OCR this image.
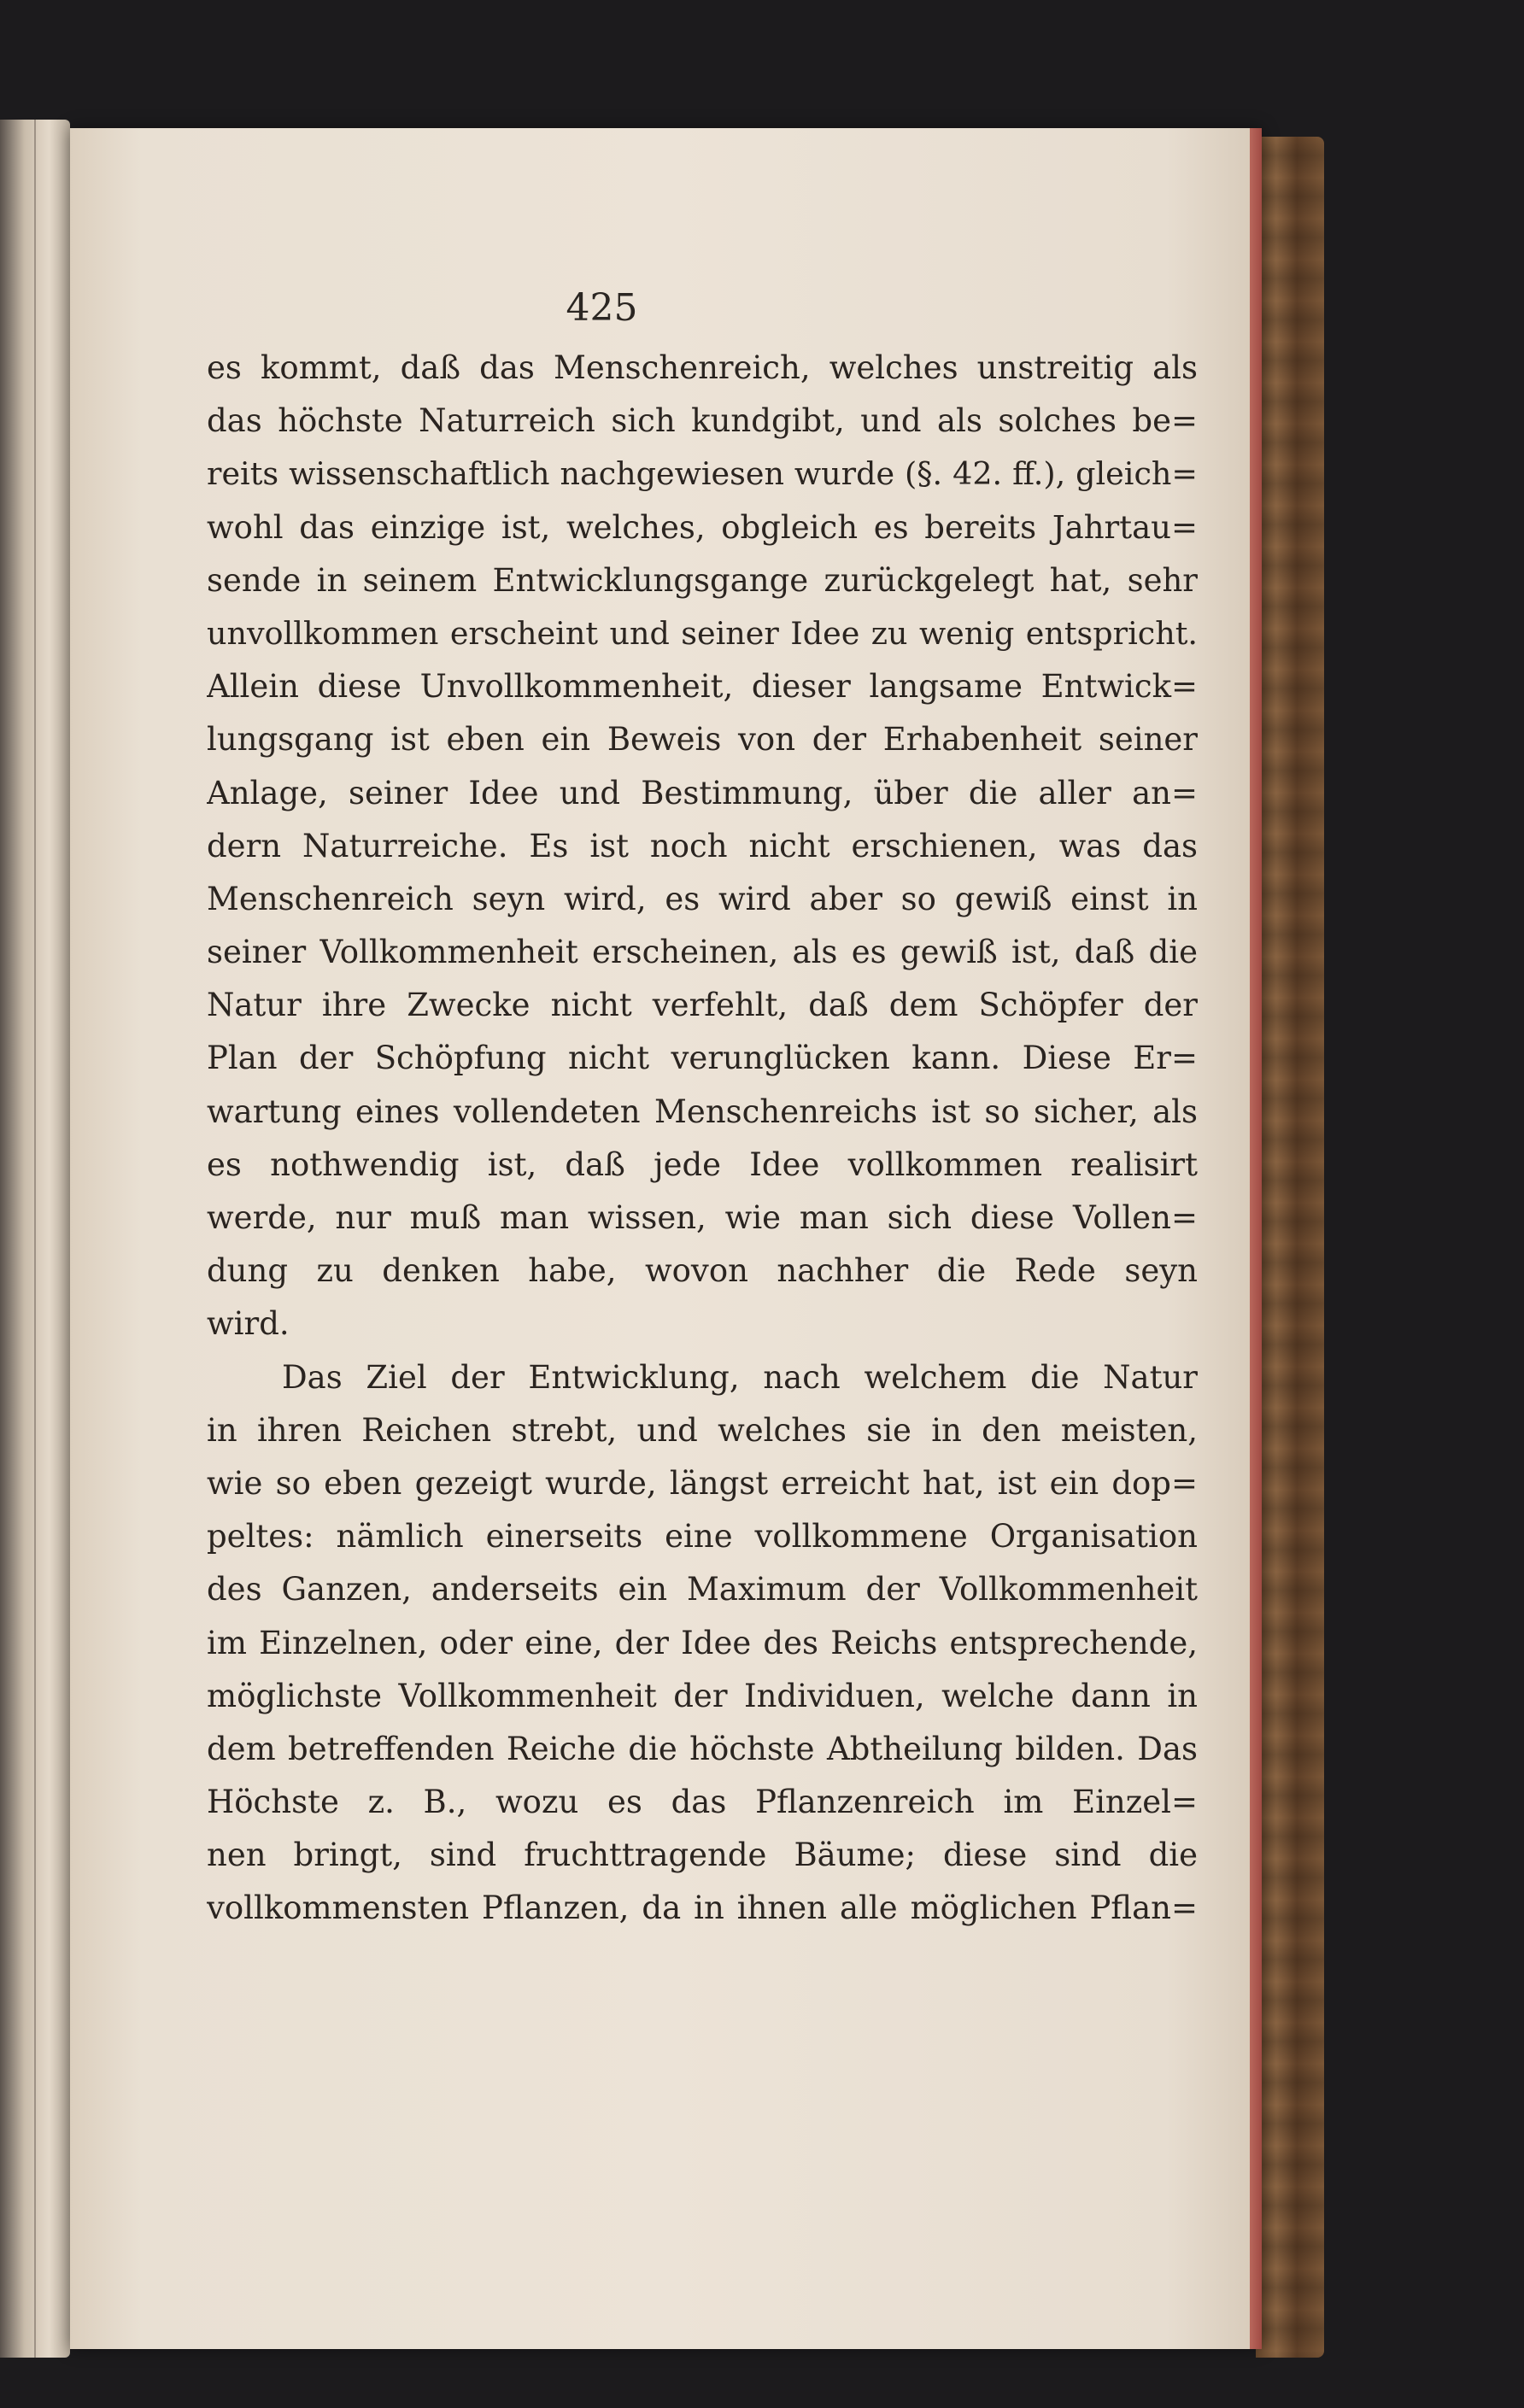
425
es kommt, daß das Menschenreich, welches unstreitig als
das höchste Naturreich sich kundgibt, und als solches be=
reits wissenschaftlich nachgewiesen wurde (§. 42. ff.), gleich=
wohl das einzige ist, welches, obgleich es bereits Jahrtau=
sende in seinem Entwicklungsgange zurückgelegt hat, sehr
unvollkommen erscheint und seiner Idee zu wenig entspricht.
Allein diese Unvollkommenheit, dieser langsame Entwick=
lungsgang ist eben ein Beweis von der Erhabenheit seiner
Anlage, seiner Idee und Bestimmung, über die aller an=
dern Naturreiche. Es ist noch nicht erschienen, was das
Menschenreich seyn wird, es wird aber so gewiß einst in
seiner Vollkommenheit erscheinen, als es gewiß ist, daß die
Natur ihre Zwecke nicht verfehlt, daß dem Schöpfer der
Plan der Schöpfung nicht verunglücken kann. Diese Er=
wartung eines vollendeten Menschenreichs ist so sicher, als
es nothwendig ist, daß jede Idee vollkommen realisirt
werde, nur muß man wissen, wie man sich diese Vollen=
dung zu denken habe, wovon nachher die Rede seyn
wird.
Das Ziel der Entwicklung, nach welchem die Natur
in ihren Reichen strebt, und welches sie in den meisten,
wie so eben gezeigt wurde, längst erreicht hat, ist ein dop=
peltes: nämlich einerseits eine vollkommene Organisation
des Ganzen, anderseits ein Maximum der Vollkommenheit
im Einzelnen, oder eine, der Idee des Reichs entsprechende,
möglichste Vollkommenheit der Individuen, welche dann in
dem betreffenden Reiche die höchste Abtheilung bilden. Das
Höchste z. B., wozu es das Pflanzenreich im Einzel=
nen bringt, sind fruchttragende Bäume; diese sind die
vollkommensten Pflanzen, da in ihnen alle möglichen Pflan=
